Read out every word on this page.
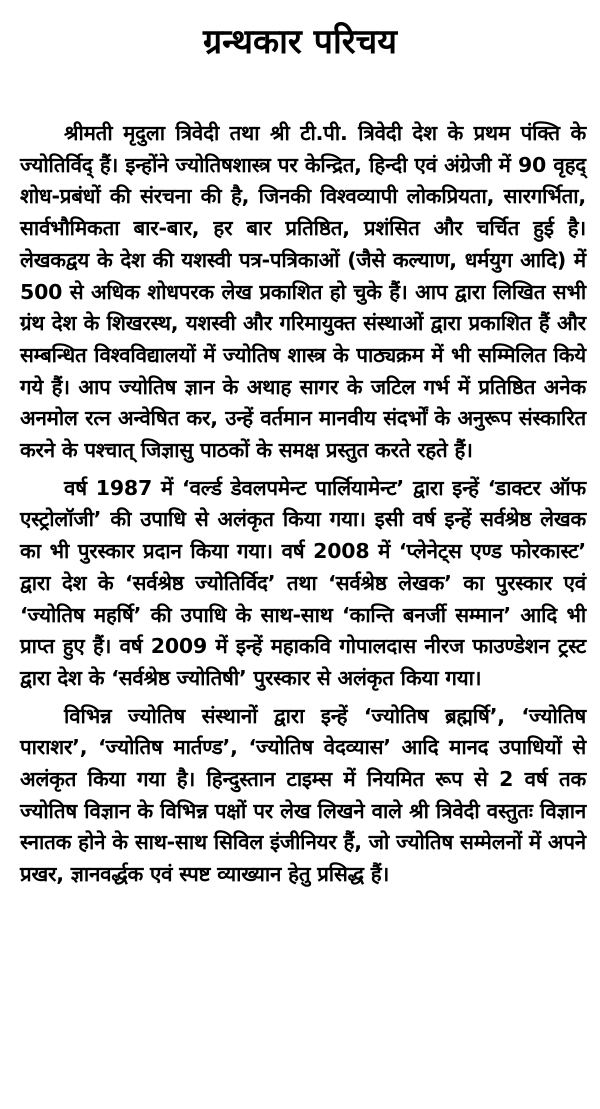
ग्रन्थकार परिचय

श्रीमती मृदुला त्रिवेदी तथा श्री टी.पी. त्रिवेदी देश के प्रथम पंक्ति के ज्योतिर्विद् हैं। इन्होंने ज्योतिषशास्त्र पर केन्द्रित, हिन्दी एवं अंग्रेजी में 90 वृहद् शोध-प्रबंधों की संरचना की है, जिनकी विश्वव्यापी लोकप्रियता, सारगर्भिता, सार्वभौमिकता बार-बार, हर बार प्रतिष्ठित, प्रशंसित और चर्चित हुई है। लेखकद्वय के देश की यशस्वी पत्र-पत्रिकाओं (जैसे कल्याण, धर्मयुग आदि) में 500 से अधिक शोधपरक लेख प्रकाशित हो चुके हैं। आप द्वारा लिखित सभी ग्रंथ देश के शिखरस्थ, यशस्वी और गरिमायुक्त संस्थाओं द्वारा प्रकाशित हैं और सम्बन्धित विश्वविद्यालयों में ज्योतिष शास्त्र के पाठ्यक्रम में भी सम्मिलित किये गये हैं। आप ज्योतिष ज्ञान के अथाह सागर के जटिल गर्भ में प्रतिष्ठित अनेक अनमोल रत्न अन्वेषित कर, उन्हें वर्तमान मानवीय संदर्भों के अनुरूप संस्कारित करने के पश्चात् जिज्ञासु पाठकों के समक्ष प्रस्तुत करते रहते हैं।

वर्ष 1987 में ‘वर्ल्ड डेवलपमेन्ट पार्लियामेन्ट’ द्वारा इन्हें ‘डाक्टर ऑफ एस्ट्रोलॉजी’ की उपाधि से अलंकृत किया गया। इसी वर्ष इन्हें सर्वश्रेष्ठ लेखक का भी पुरस्कार प्रदान किया गया। वर्ष 2008 में ‘प्लेनेट्स एण्ड फोरकास्ट’ द्वारा देश के ‘सर्वश्रेष्ठ ज्योतिर्विद’ तथा ‘सर्वश्रेष्ठ लेखक’ का पुरस्कार एवं ‘ज्योतिष महर्षि’ की उपाधि के साथ-साथ ‘कान्ति बनर्जी सम्मान’ आदि भी प्राप्त हुए हैं। वर्ष 2009 में इन्हें महाकवि गोपालदास नीरज फाउण्डेशन ट्रस्ट द्वारा देश के ‘सर्वश्रेष्ठ ज्योतिषी’ पुरस्कार से अलंकृत किया गया।

विभिन्न ज्योतिष संस्थानों द्वारा इन्हें ‘ज्योतिष ब्रह्मर्षि’, ‘ज्योतिष पाराशर’, ‘ज्योतिष मार्तण्ड’, ‘ज्योतिष वेदव्यास’ आदि मानद उपाधियों से अलंकृत किया गया है। हिन्दुस्तान टाइम्स में नियमित रूप से 2 वर्ष तक ज्योतिष विज्ञान के विभिन्न पक्षों पर लेख लिखने वाले श्री त्रिवेदी वस्तुतः विज्ञान स्नातक होने के साथ-साथ सिविल इंजीनियर हैं, जो ज्योतिष सम्मेलनों में अपने प्रखर, ज्ञानवर्द्धक एवं स्पष्ट व्याख्यान हेतु प्रसिद्ध हैं।
